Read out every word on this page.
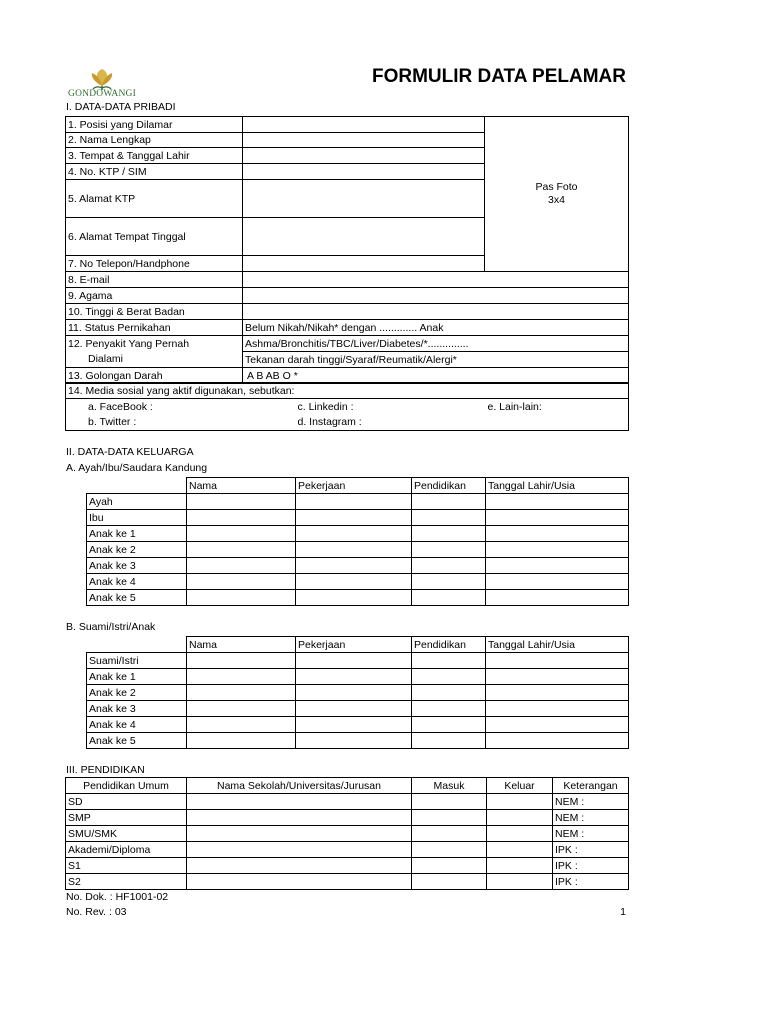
GONDOWANGI
FORMULIR DATA PELAMAR
I. DATA-DATA PRIBADI
1. Posisi yang Dilamar		Pas Foto
3x4
2. Nama Lengkap		
3. Tempat & Tanggal Lahir		
4. No. KTP / SIM		
5. Alamat KTP		
6. Alamat Tempat Tinggal		
7. No Telepon/Handphone		
8. E-mail	
9. Agama	
10. Tinggi & Berat Badan	
11. Status Pernikahan	Belum Nikah/Nikah* dengan ............. Anak
12. Penyakit Yang Pernah	Ashma/Bronchitis/TBC/Liver/Diabetes/*..............
Dialami	Tekanan darah tinggi/Syaraf/Reumatik/Alergi*
13. Golongan Darah	A B AB O *
14. Media sosial yang aktif digunakan, sebutkan:		
a. FaceBook :	c. Linkedin :	e. Lain-lain:
b. Twitter :	d. Instagram :	
II. DATA-DATA KELUARGA
A. Ayah/Ibu/Saudara Kandung
	Nama	Pekerjaan	Pendidikan	Tanggal Lahir/Usia
Ayah				
Ibu				
Anak ke 1				
Anak ke 2				
Anak ke 3				
Anak ke 4				
Anak ke 5				
B. Suami/Istri/Anak
	Nama	Pekerjaan	Pendidikan	Tanggal Lahir/Usia
Suami/Istri				
Anak ke 1				
Anak ke 2				
Anak ke 3				
Anak ke 4				
Anak ke 5				
III. PENDIDIKAN
Pendidikan Umum	Nama Sekolah/Universitas/Jurusan	Masuk	Keluar	Keterangan
SD				NEM :
SMP				NEM :
SMU/SMK				NEM :
Akademi/Diploma				IPK :
S1				IPK :
S2				IPK :
No. Dok. : HF1001-02
No. Rev. : 03	1
